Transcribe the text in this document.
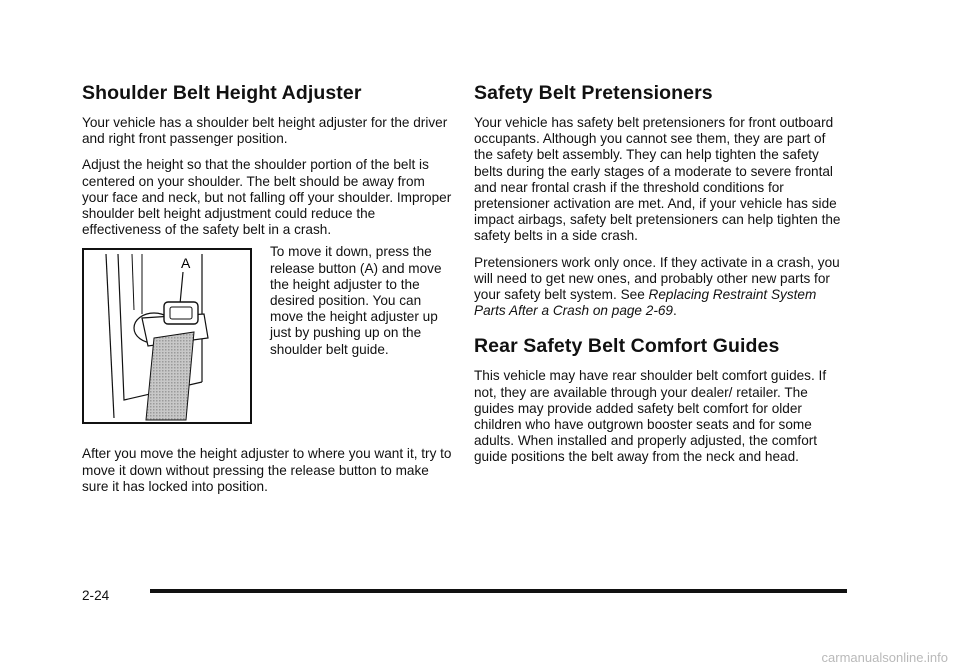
Shoulder Belt Height Adjuster

Your vehicle has a shoulder belt height adjuster for the driver and right front passenger position.

Adjust the height so that the shoulder portion of the belt is centered on your shoulder. The belt should be away from your face and neck, but not falling off your shoulder. Improper shoulder belt height adjustment could reduce the effectiveness of the safety belt in a crash.

A

To move it down, press the release button (A) and move the height adjuster to the desired position. You can move the height adjuster up just by pushing up on the shoulder belt guide.

After you move the height adjuster to where you want it, try to move it down without pressing the release button to make sure it has locked into position.

Safety Belt Pretensioners

Your vehicle has safety belt pretensioners for front outboard occupants. Although you cannot see them, they are part of the safety belt assembly. They can help tighten the safety belts during the early stages of a moderate to severe frontal and near frontal crash if the threshold conditions for pretensioner activation are met. And, if your vehicle has side impact airbags, safety belt pretensioners can help tighten the safety belts in a side crash.

Pretensioners work only once. If they activate in a crash, you will need to get new ones, and probably other new parts for your safety belt system. See Replacing Restraint System Parts After a Crash on page 2-69.

Rear Safety Belt Comfort Guides

This vehicle may have rear shoulder belt comfort guides. If not, they are available through your dealer/ retailer. The guides may provide added safety belt comfort for older children who have outgrown booster seats and for some adults. When installed and properly adjusted, the comfort guide positions the belt away from the neck and head.

2-24
carmanualsonline.info
